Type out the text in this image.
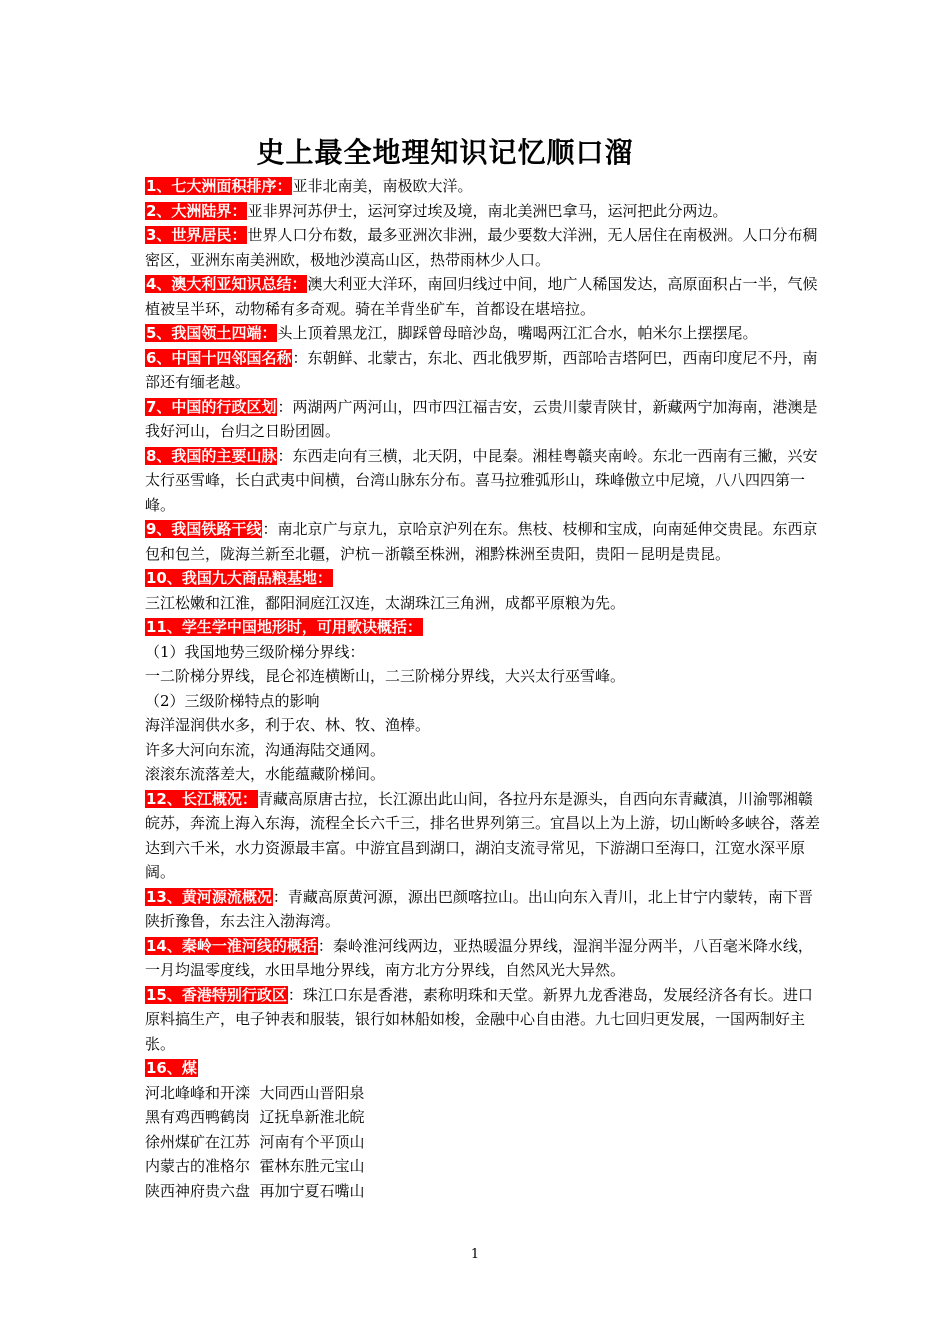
史上最全地理知识记忆顺口溜

1、七大洲面积排序：亚非北南美，南极欧大洋。

2、大洲陆界：亚非界河苏伊士，运河穿过埃及境，南北美洲巴拿马，运河把此分两边。

3、世界居民：世界人口分布数，最多亚洲次非洲，最少要数大洋洲，无人居住在南极洲。人口分布稠密区，亚洲东南美洲欧，极地沙漠高山区，热带雨林少人口。

4、澳大利亚知识总结：澳大利亚大洋环，南回归线过中间，地广人稀国发达，高原面积占一半，气候植被呈半环，动物稀有多奇观。骑在羊背坐矿车，首都设在堪培拉。

5、我国领土四端：头上顶着黑龙江，脚踩曾母暗沙岛，嘴喝两江汇合水，帕米尔上摆摆尾。

6、中国十四邻国名称：东朝鲜、北蒙古，东北、西北俄罗斯，西部哈吉塔阿巴，西南印度尼不丹，南部还有缅老越。

7、中国的行政区划：两湖两广两河山，四市四江福吉安，云贵川蒙青陕甘，新藏两宁加海南，港澳是我好河山，台归之日盼团圆。

8、我国的主要山脉：东西走向有三横，北天阴，中昆秦。湘桂粤赣夹南岭。东北一西南有三撇，兴安太行巫雪峰，长白武夷中间横，台湾山脉东分布。喜马拉雅弧形山，珠峰傲立中尼境，八八四四第一峰。

9、我国铁路干线：南北京广与京九，京哈京沪列在东。焦枝、枝柳和宝成，向南延伸交贵昆。东西京包和包兰，陇海兰新至北疆，沪杭－浙赣至株洲，湘黔株洲至贵阳，贵阳－昆明是贵昆。

10、我国九大商品粮基地：

三江松嫩和江淮，鄱阳洞庭江汉连，太湖珠江三角洲，成都平原粮为先。

11、学生学中国地形时，可用歌诀概括：

（1）我国地势三级阶梯分界线：

一二阶梯分界线，昆仑祁连横断山，二三阶梯分界线，大兴太行巫雪峰。

（2）三级阶梯特点的影响

海洋湿润供水多，利于农、林、牧、渔棒。

许多大河向东流，沟通海陆交通网。

滚滚东流落差大，水能蕴藏阶梯间。

12、长江概况：青藏高原唐古拉，长江源出此山间，各拉丹东是源头，自西向东青藏滇，川渝鄂湘赣皖苏，奔流上海入东海，流程全长六千三，排名世界列第三。宜昌以上为上游，切山断岭多峡谷，落差达到六千米，水力资源最丰富。中游宜昌到湖口，湖泊支流寻常见，下游湖口至海口，江宽水深平原阔。

13、黄河源流概况：青藏高原黄河源，源出巴颜喀拉山。出山向东入青川，北上甘宁内蒙转，南下晋陕折豫鲁，东去注入渤海湾。

14、秦岭一淮河线的概括：秦岭淮河线两边，亚热暖温分界线，湿润半湿分两半，八百毫米降水线，一月均温零度线，水田旱地分界线，南方北方分界线，自然风光大异然。

15、香港特别行政区：珠江口东是香港，素称明珠和天堂。新界九龙香港岛，发展经济各有长。进口原料搞生产，电子钟表和服装，银行如林船如梭，金融中心自由港。九七回归更发展，一国两制好主张。

16、煤

河北峰峰和开滦  大同西山晋阳泉

黑有鸡西鸭鹤岗  辽抚阜新淮北皖

徐州煤矿在江苏  河南有个平顶山

内蒙古的准格尔  霍林东胜元宝山

陕西神府贵六盘  再加宁夏石嘴山

1
